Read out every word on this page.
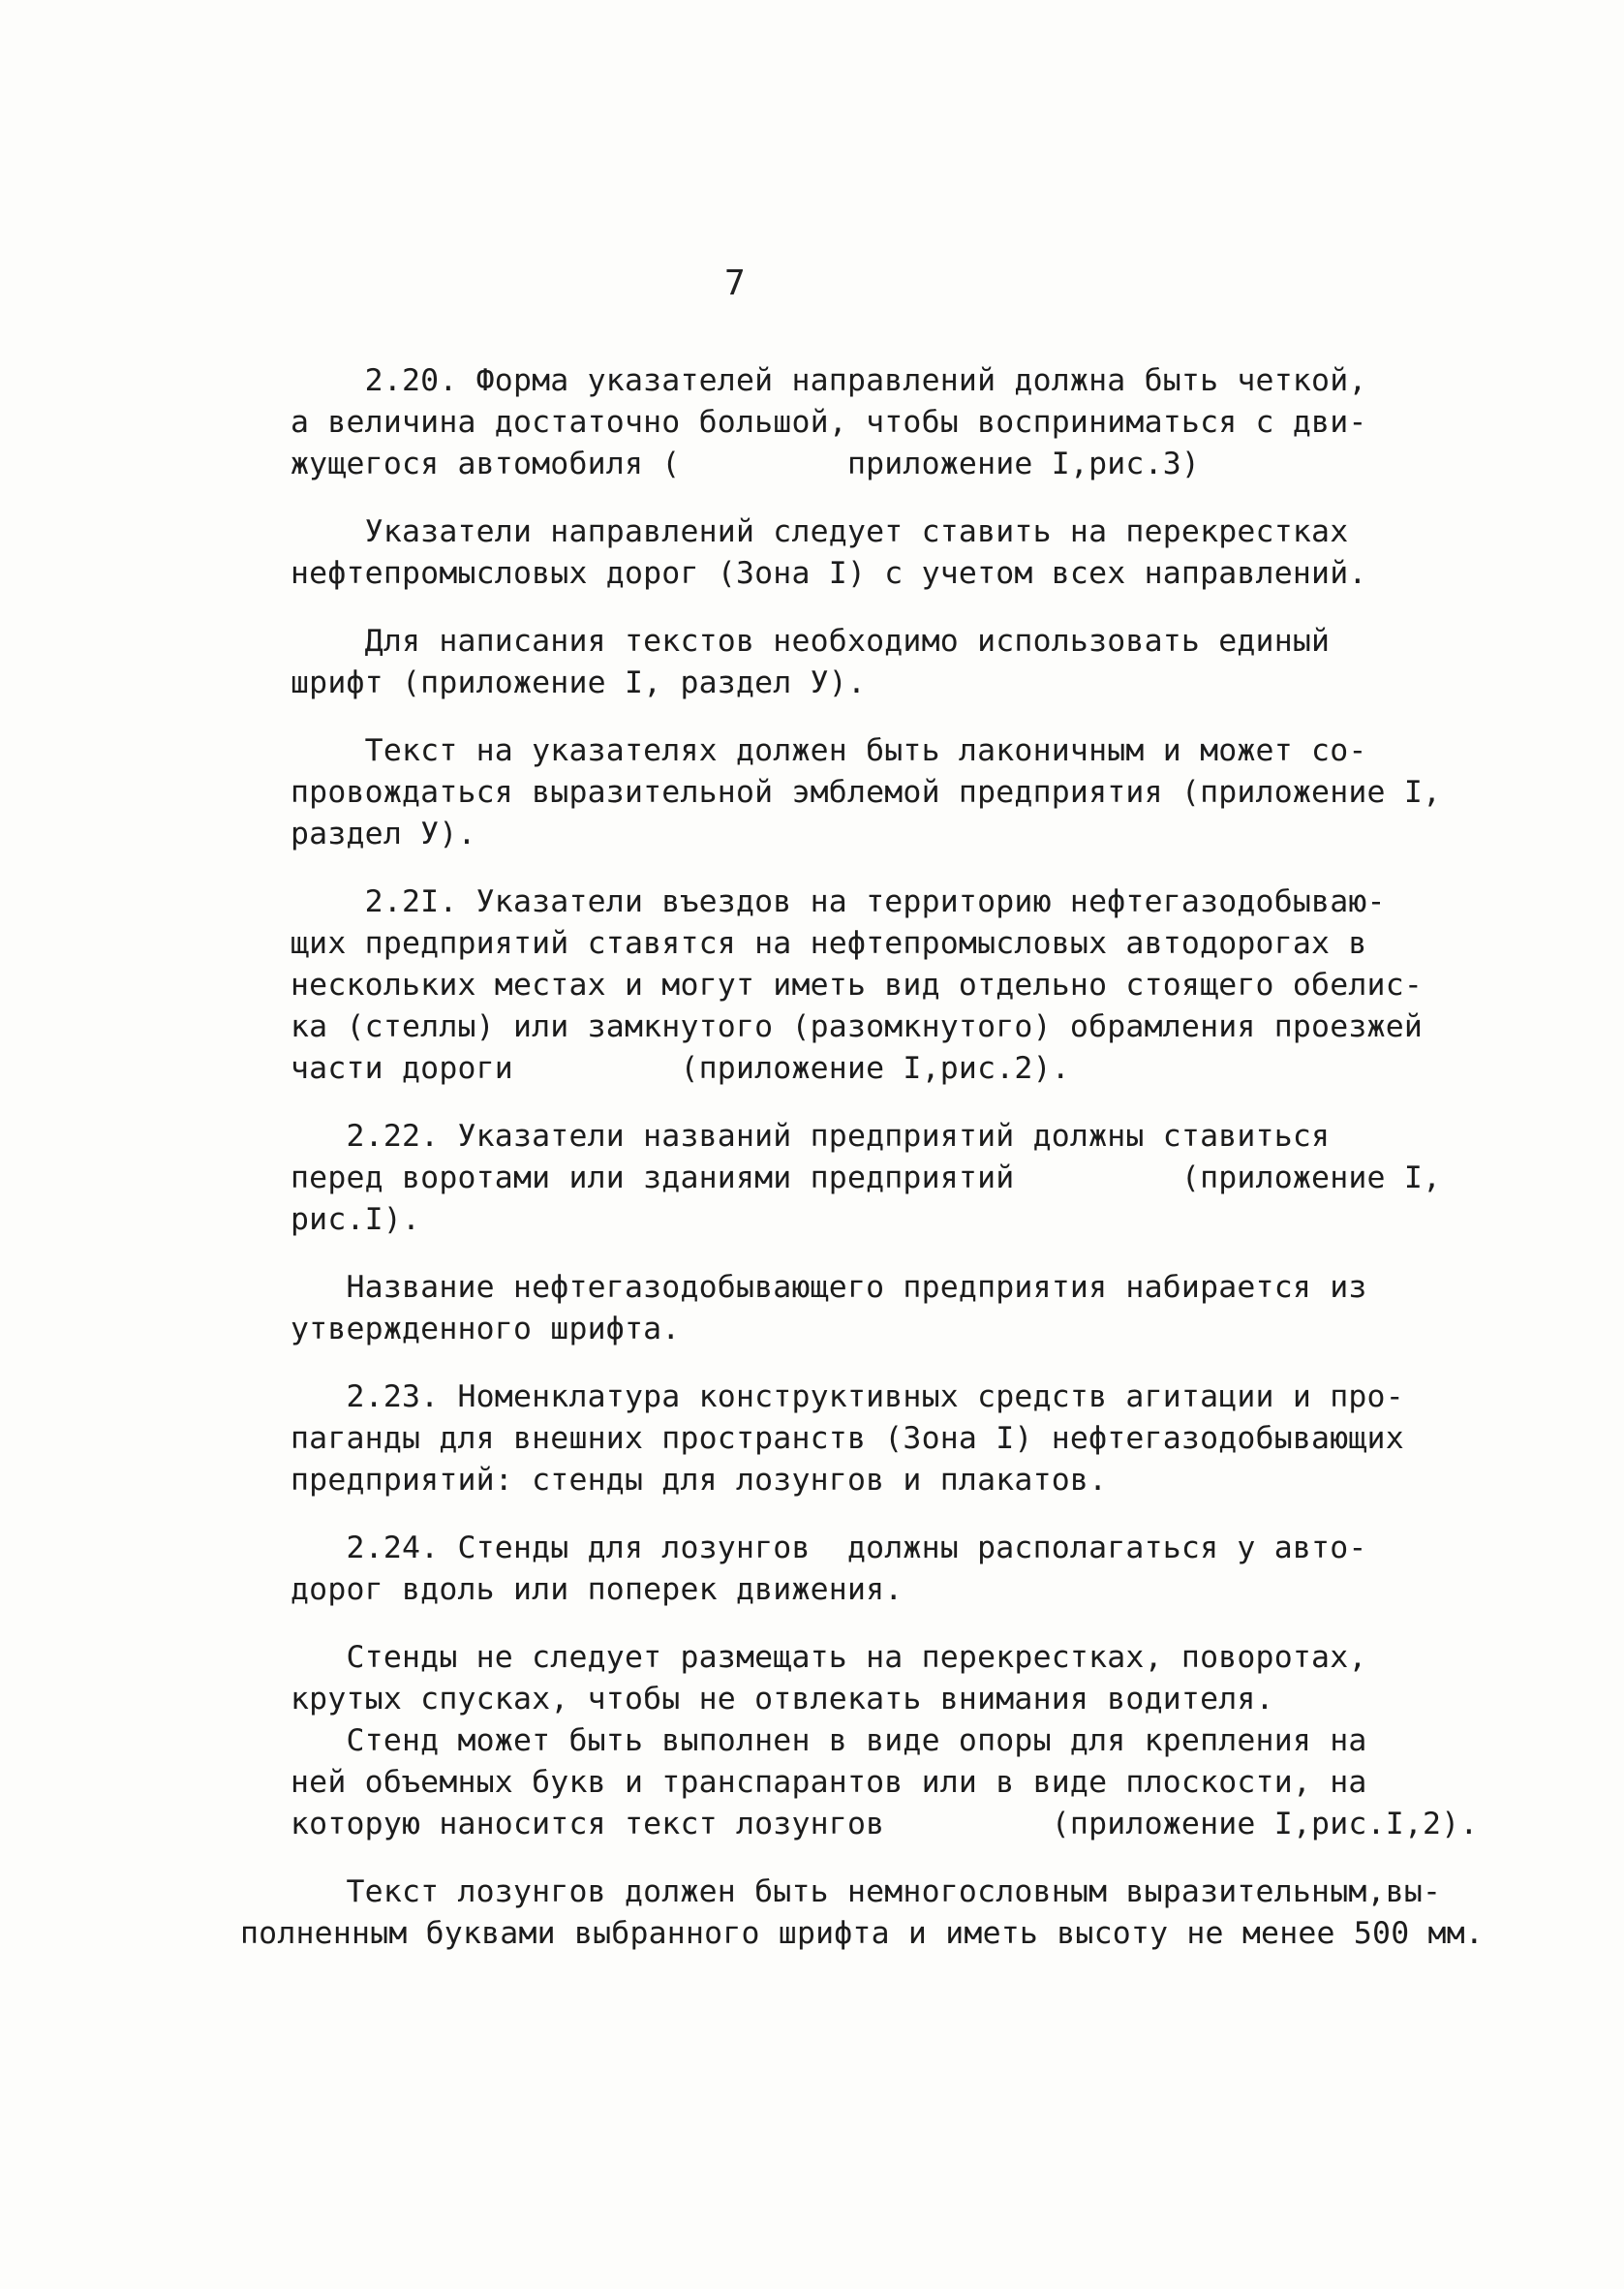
7
2.20. Форма указателей направлений должна быть четкой,
а величина достаточно большой, чтобы восприниматься с дви-
жущегося автомобиля (         приложение I,рис.3)
Указатели направлений следует ставить на перекрестках
нефтепромысловых дорог (Зона I) с учетом всех направлений.
Для написания текстов необходимо использовать единый
шрифт (приложение I, раздел У).
Текст на указателях должен быть лаконичным и может со-
провождаться выразительной эмблемой предприятия (приложение I,
раздел У).
2.2I. Указатели въездов на территорию нефтегазодобываю-
щих предприятий ставятся на нефтепромысловых автодорогах в
нескольких местах и могут иметь вид отдельно стоящего обелис-
ка (стеллы) или замкнутого (разомкнутого) обрамления проезжей
части дороги         (приложение I,рис.2).
2.22. Указатели названий предприятий должны ставиться
перед воротами или зданиями предприятий         (приложение I,
рис.I).
Название нефтегазодобывающего предприятия набирается из
утвержденного шрифта.
2.23. Номенклатура конструктивных средств агитации и про-
паганды для внешних пространств (Зона I) нефтегазодобывающих
предприятий: стенды для лозунгов и плакатов.
2.24. Стенды для лозунгов  должны располагаться у авто-
дорог вдоль или поперек движения.
Стенды не следует размещать на перекрестках, поворотах,
крутых спусках, чтобы не отвлекать внимания водителя.
Стенд может быть выполнен в виде опоры для крепления на
ней объемных букв и транспарантов или в виде плоскости, на
которую наносится текст лозунгов         (приложение I,рис.I,2).
Текст лозунгов должен быть немногословным выразительным,вы-
полненным буквами выбранного шрифта и иметь высоту не менее 500 мм.
